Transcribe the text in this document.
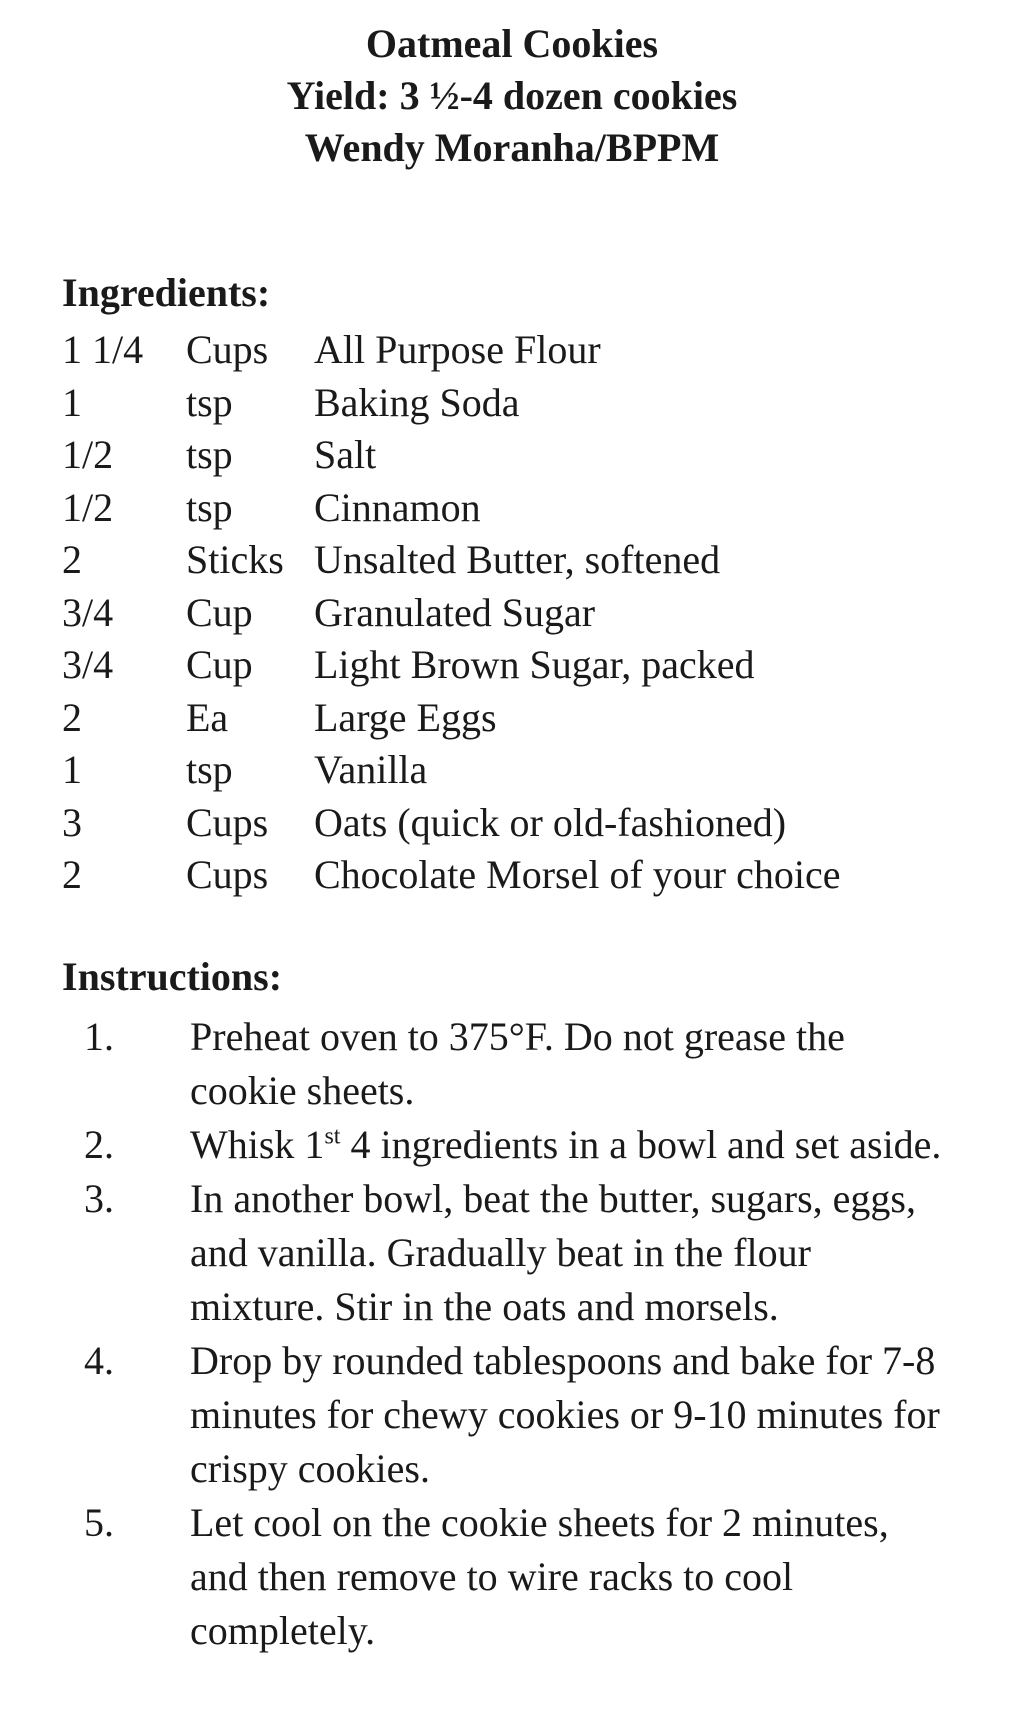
Oatmeal Cookies
Yield: 3 ½-4 dozen cookies
Wendy Moranha/BPPM
Ingredients:
1 1/4 Cups All Purpose Flour
1	tsp Baking Soda
1/2 tsp Salt
1/2 tsp Cinnamon
2	Sticks Unsalted Butter, softened
3/4 Cup Granulated Sugar
3/4 Cup Light Brown Sugar, packed
2	Ea Large Eggs
1	tsp Vanilla
3	Cups Oats (quick or old-fashioned)
2	Cups Chocolate Morsel of your choice
Instructions:
1. Preheat oven to 375°F. Do not grease the cookie sheets.
2. Whisk 1st 4 ingredients in a bowl and set aside.
3. In another bowl, beat the butter, sugars, eggs, and vanilla. Gradually beat in the flour mixture. Stir in the oats and morsels.
4. Drop by rounded tablespoons and bake for 7-8 minutes for chewy cookies or 9-10 minutes for crispy cookies.
5. Let cool on the cookie sheets for 2 minutes, and then remove to wire racks to cool completely.
